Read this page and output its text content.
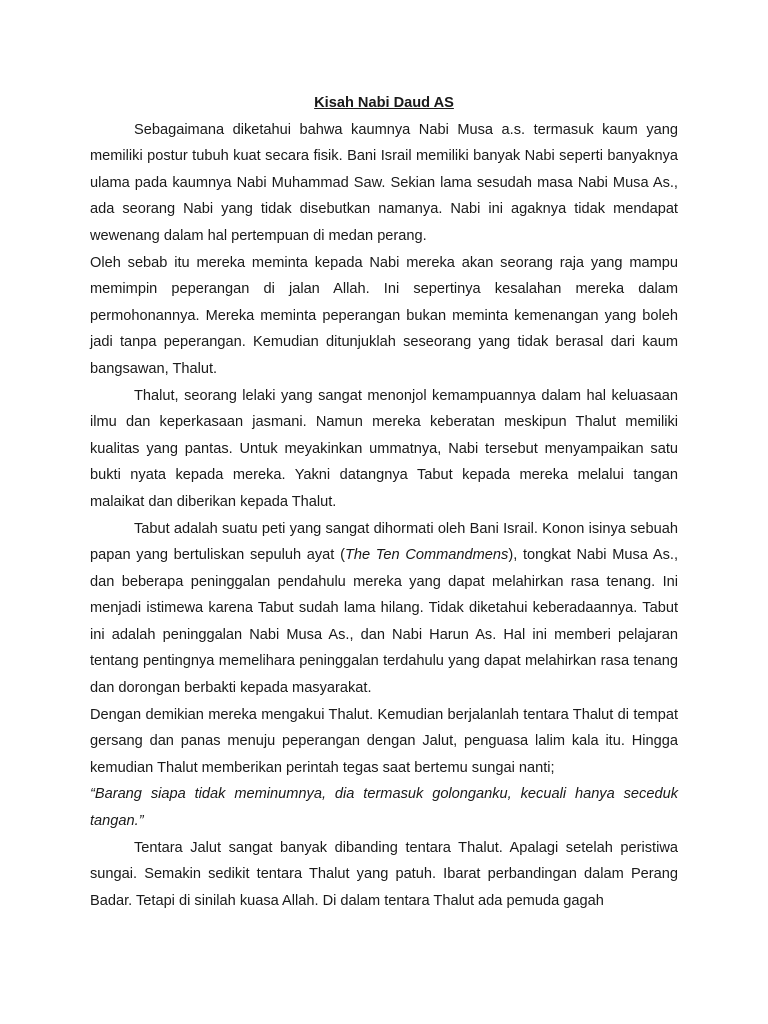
Kisah Nabi Daud AS

Sebagaimana diketahui bahwa kaumnya Nabi Musa a.s. termasuk kaum yang memiliki postur tubuh kuat secara fisik. Bani Israil memiliki banyak Nabi seperti banyaknya ulama pada kaumnya Nabi Muhammad Saw. Sekian lama sesudah masa Nabi Musa As., ada seorang Nabi yang tidak disebutkan namanya. Nabi ini agaknya tidak mendapat wewenang dalam hal pertempuan di medan perang.

Oleh sebab itu mereka meminta kepada Nabi mereka akan seorang raja yang mampu memimpin peperangan di jalan Allah. Ini sepertinya kesalahan mereka dalam permohonannya. Mereka meminta peperangan bukan meminta kemenangan yang boleh jadi tanpa peperangan. Kemudian ditunjuklah seseorang yang tidak berasal dari kaum bangsawan, Thalut.

Thalut, seorang lelaki yang sangat menonjol kemampuannya dalam hal keluasaan ilmu dan keperkasaan jasmani. Namun mereka keberatan meskipun Thalut memiliki kualitas yang pantas. Untuk meyakinkan ummatnya, Nabi tersebut menyampaikan satu bukti nyata kepada mereka. Yakni datangnya Tabut kepada mereka melalui tangan malaikat dan diberikan kepada Thalut.

Tabut adalah suatu peti yang sangat dihormati oleh Bani Israil. Konon isinya sebuah papan yang bertuliskan sepuluh ayat (The Ten Commandmens), tongkat Nabi Musa As., dan beberapa peninggalan pendahulu mereka yang dapat melahirkan rasa tenang. Ini menjadi istimewa karena Tabut sudah lama hilang. Tidak diketahui keberadaannya. Tabut ini adalah peninggalan Nabi Musa As., dan Nabi Harun As. Hal ini memberi pelajaran tentang pentingnya memelihara peninggalan terdahulu yang dapat melahirkan rasa tenang dan dorongan berbakti kepada masyarakat.

Dengan demikian mereka mengakui Thalut. Kemudian berjalanlah tentara Thalut di tempat gersang dan panas menuju peperangan dengan Jalut, penguasa lalim kala itu. Hingga kemudian Thalut memberikan perintah tegas saat bertemu sungai nanti;

“Barang siapa tidak meminumnya, dia termasuk golonganku, kecuali hanya seceduk tangan.”

Tentara Jalut sangat banyak dibanding tentara Thalut. Apalagi setelah peristiwa sungai. Semakin sedikit tentara Thalut yang patuh. Ibarat perbandingan dalam Perang Badar. Tetapi di sinilah kuasa Allah. Di dalam tentara Thalut ada pemuda gagah
